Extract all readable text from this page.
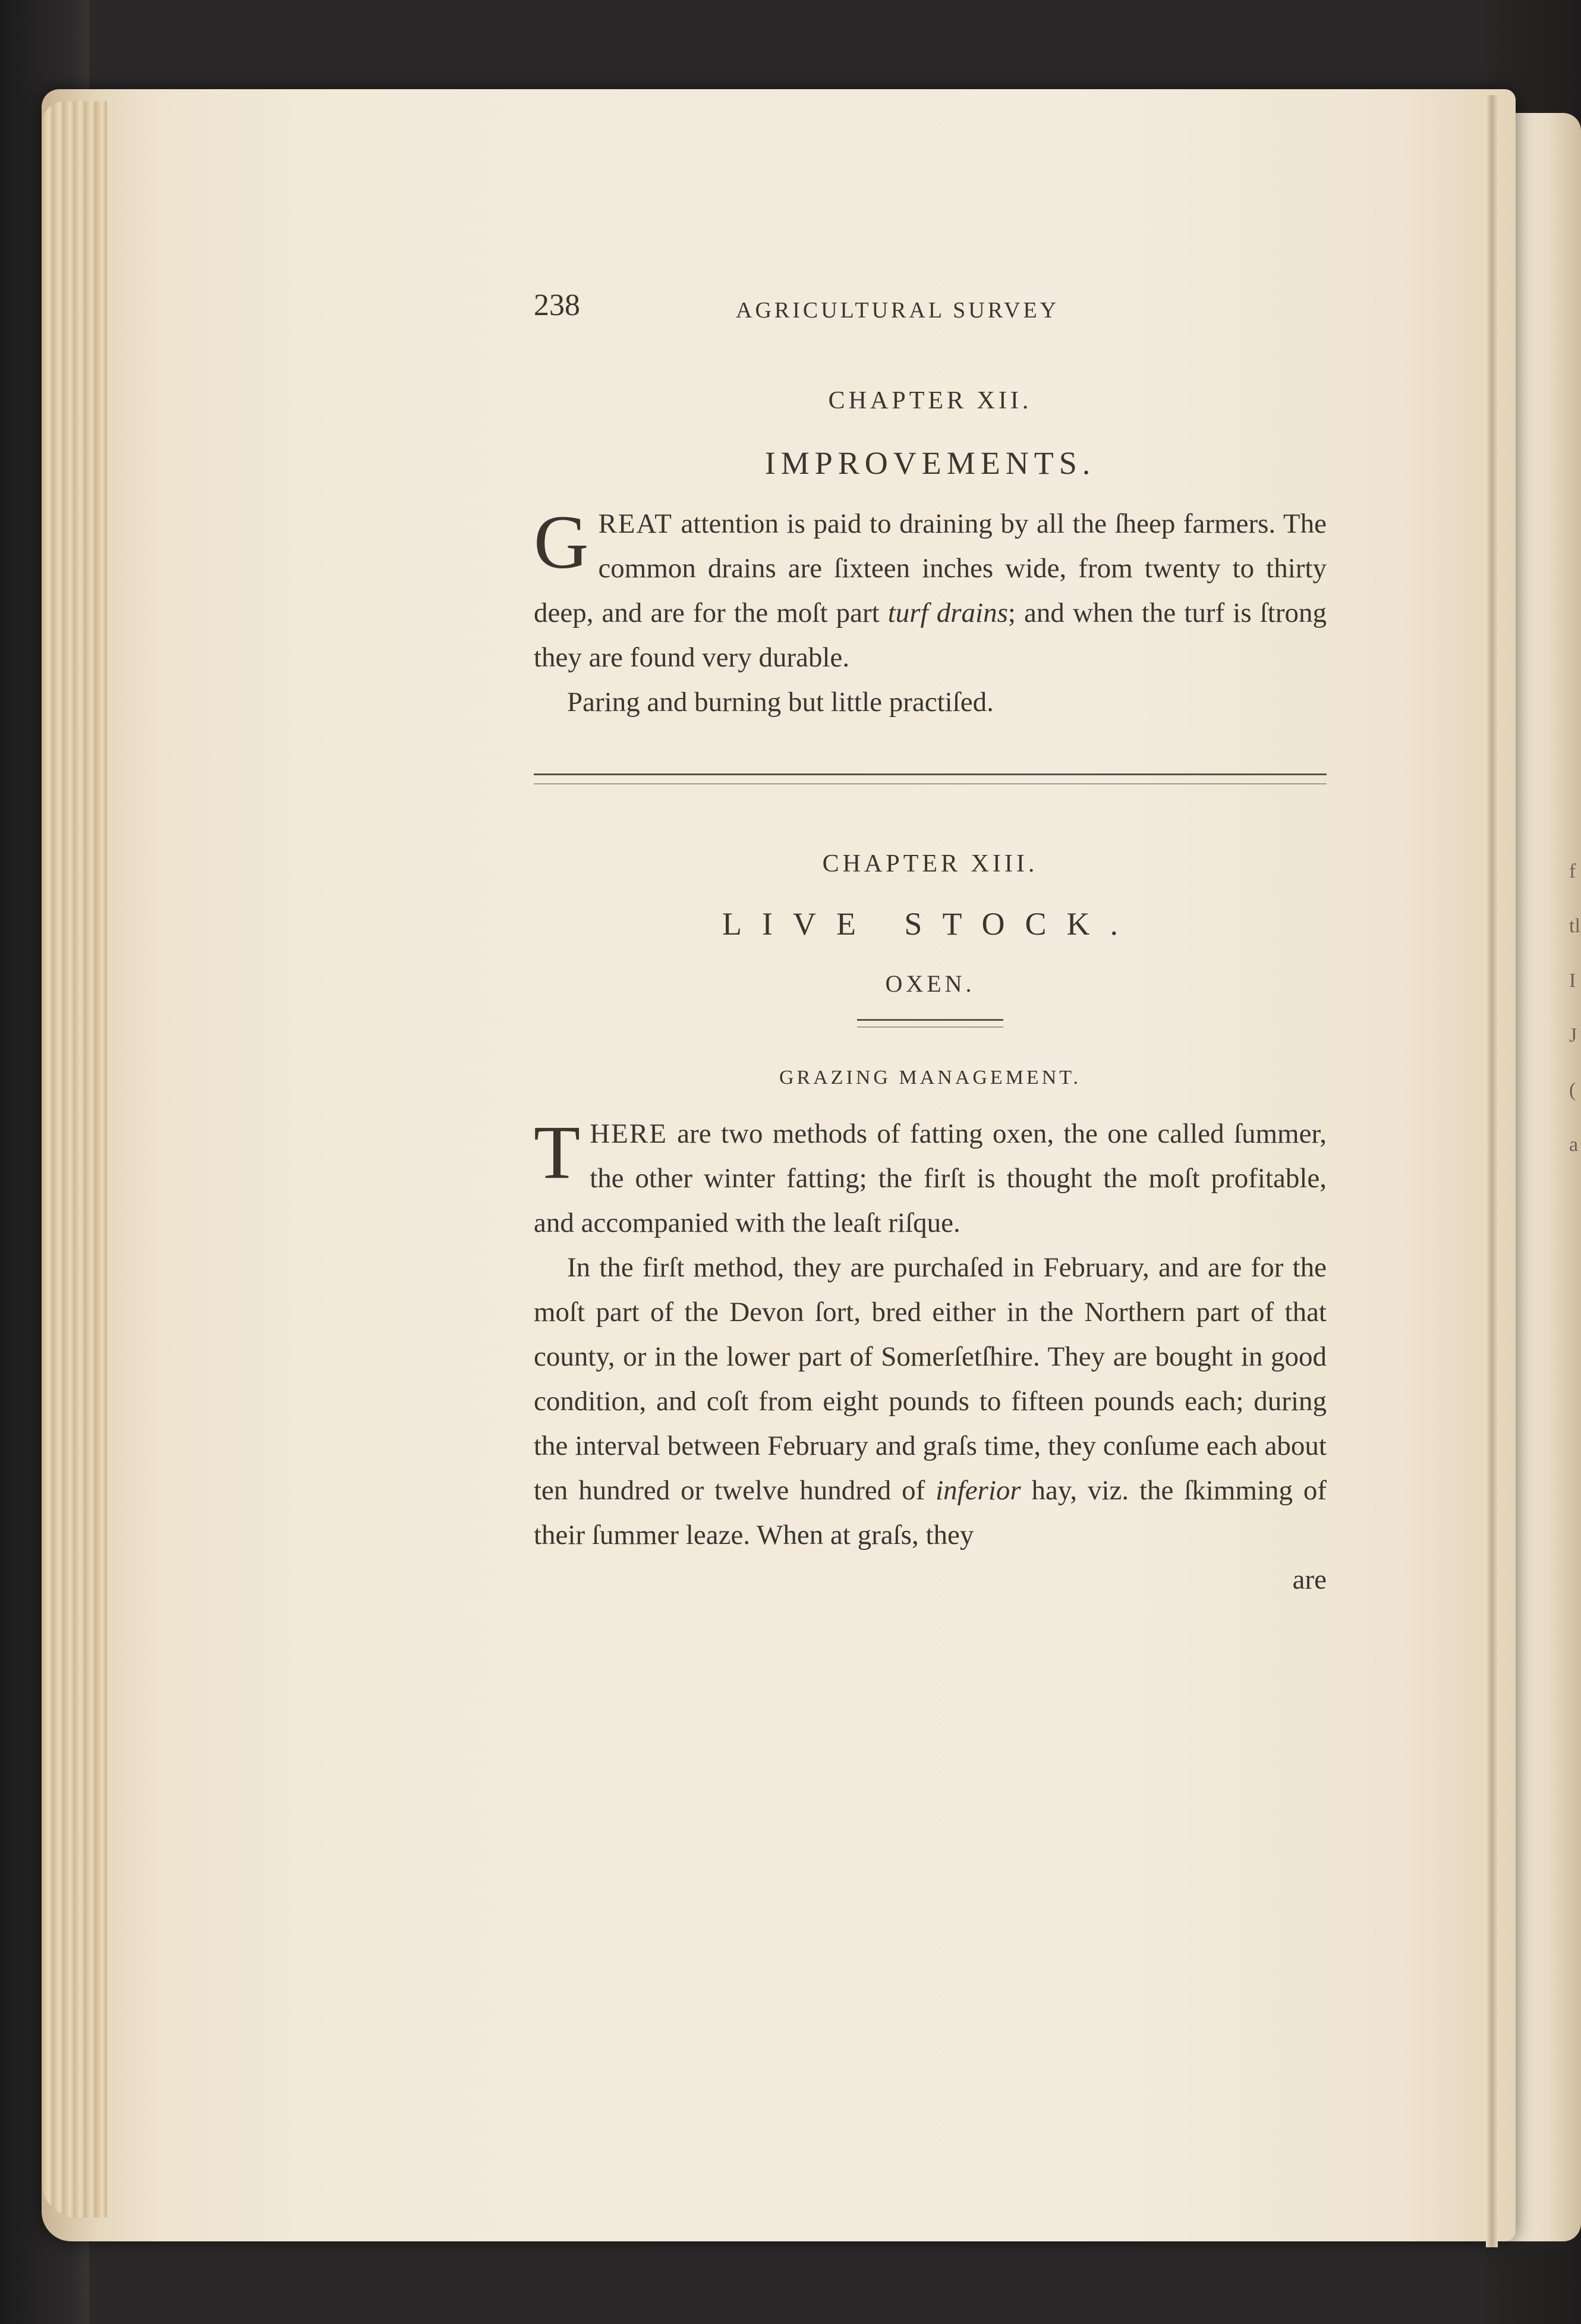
f
tl
I
J
(
a
238	AGRICULTURAL SURVEY

CHAPTER XII.

IMPROVEMENTS.

GREAT attention is paid to draining by all the ſheep farmers. The common drains are ſixteen inches wide, from twenty to thirty deep, and are for the moſt part turf drains; and when the turf is ſtrong they are found very durable.

Paring and burning but little practiſed.

CHAPTER XIII.

LIVE STOCK.

OXEN.

GRAZING MANAGEMENT.

THERE are two methods of fatting oxen, the one called ſummer, the other winter fatting; the firſt is thought the moſt profitable, and accompanied with the leaſt riſque.

In the firſt method, they are purchaſed in February, and are for the moſt part of the Devon ſort, bred either in the Northern part of that county, or in the lower part of Somerſetſhire. They are bought in good condition, and coſt from eight pounds to fifteen pounds each; during the interval between February and graſs time, they conſume each about ten hundred or twelve hundred of inferior hay, viz. the ſkimming of their ſummer leaze. When at graſs, they

are
